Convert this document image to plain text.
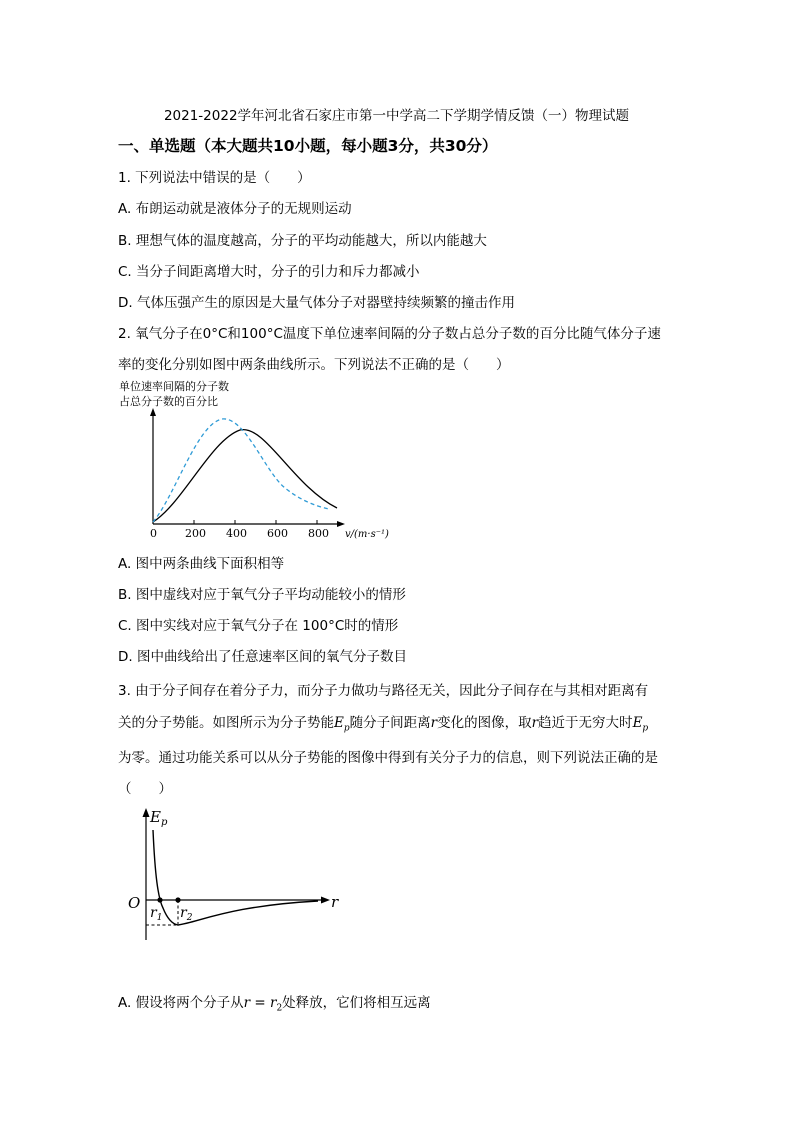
2021-2022学年河北省石家庄市第一中学高二下学期学情反馈（一）物理试题
一、单选题（本大题共10小题，每小题3分，共30分）
1. 下列说法中错误的是（　　）
A. 布朗运动就是液体分子的无规则运动
B. 理想气体的温度越高，分子的平均动能越大，所以内能越大
C. 当分子间距离增大时，分子的引力和斥力都减小
D. 气体压强产生的原因是大量气体分子对器壁持续频繁的撞击作用
2. 氧气分子在0°C和100°C温度下单位速率间隔的分子数占总分子数的百分比随气体分子速
率的变化分别如图中两条曲线所示。下列说法不正确的是（　　）
单位速率间隔的分子数
占总分子数的百分比
0	200 400 600 800 v/(m·s⁻¹)
A. 图中两条曲线下面积相等
B. 图中虚线对应于氧气分子平均动能较小的情形
C. 图中实线对应于氧气分子在 100°C时的情形
D. 图中曲线给出了任意速率区间的氧气分子数目
3. 由于分子间存在着分子力，而分子力做功与路径无关，因此分子间存在与其相对距离有
关的分子势能。如图所示为分子势能$E_p$随分子间距离r变化的图像，取r趋近于无穷大时$E_p$
为零。通过功能关系可以从分子势能的图像中得到有关分子力的信息，则下列说法正确的是
（　　）
$E_p$
O	r
$r_1$ $r_2$
A. 假设将两个分子从$r = r_2$处释放，它们将相互远离
